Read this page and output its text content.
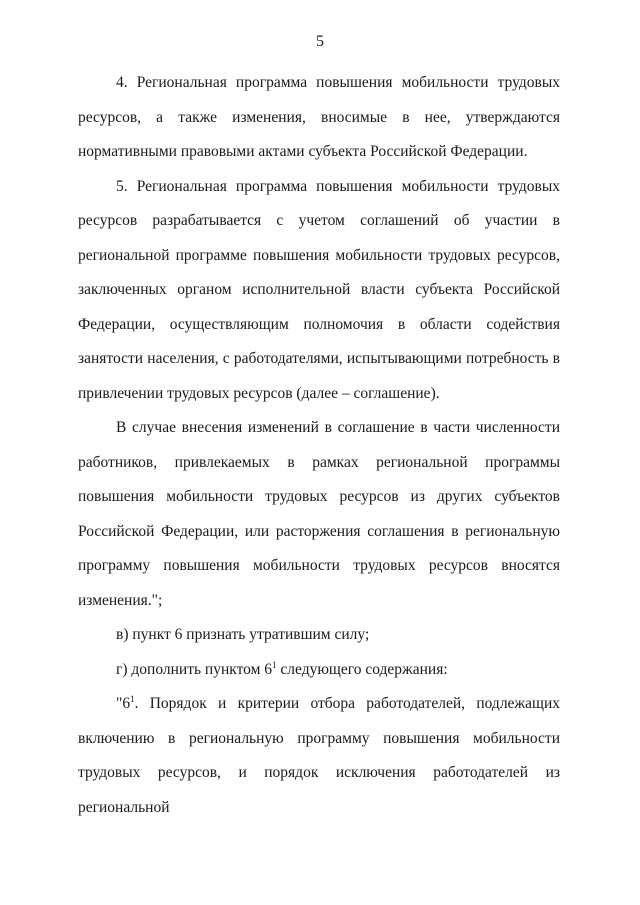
5

4. Региональная программа повышения мобильности трудовых ресурсов, а также изменения, вносимые в нее, утверждаются нормативными правовыми актами субъекта Российской Федерации.

5. Региональная программа повышения мобильности трудовых ресурсов разрабатывается с учетом соглашений об участии в региональной программе повышения мобильности трудовых ресурсов, заключенных органом исполнительной власти субъекта Российской Федерации, осуществляющим полномочия в области содействия занятости населения, с работодателями, испытывающими потребность в привлечении трудовых ресурсов (далее – соглашение).

В случае внесения изменений в соглашение в части численности работников, привлекаемых в рамках региональной программы повышения мобильности трудовых ресурсов из других субъектов Российской Федерации, или расторжения соглашения в региональную программу повышения мобильности трудовых ресурсов вносятся изменения.";

в) пункт 6 признать утратившим силу;

г) дополнить пунктом $6^1$ следующего содержания:

"$6^1$. Порядок и критерии отбора работодателей, подлежащих включению в региональную программу повышения мобильности трудовых ресурсов, и порядок исключения работодателей из региональной
